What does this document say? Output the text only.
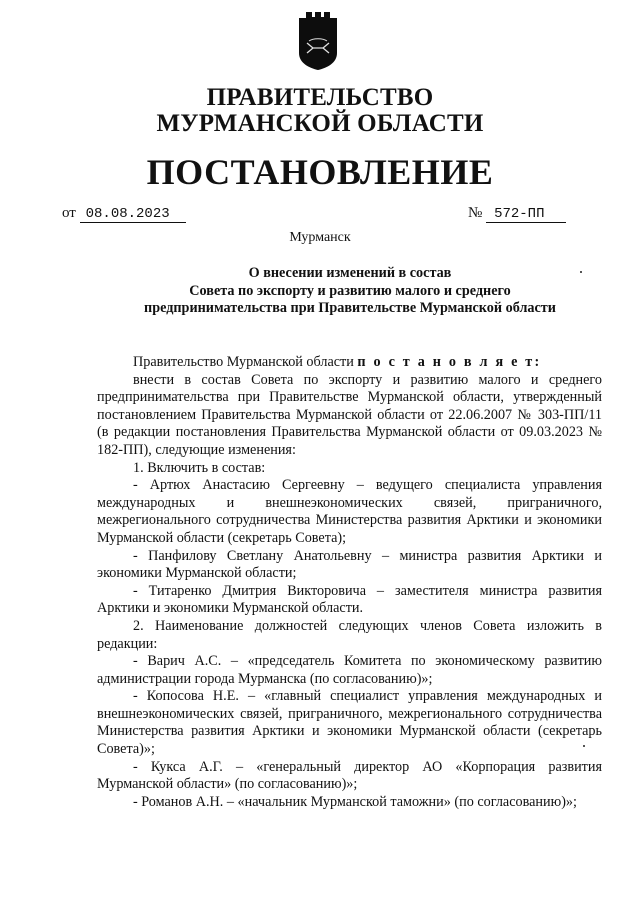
ПРАВИТЕЛЬСТВО
МУРМАНСКОЙ ОБЛАСТИ
ПОСТАНОВЛЕНИЕ
от 08.08.2023	№ 572-ПП
Мурманск
О внесении изменений в состав
Совета по экспорту и развитию малого и среднего
предпринимательства при Правительстве Мурманской области

Правительство Мурманской области п о с т а н о в л я е т:

внести в состав Совета по экспорту и развитию малого и среднего предпринимательства при Правительстве Мурманской области, утвержденный постановлением Правительства Мурманской области от 22.06.2007 № 303-ПП/11 (в редакции постановления Правительства Мурманской области от 09.03.2023 № 182-ПП), следующие изменения:

1. Включить в состав:

- Артюх Анастасию Сергеевну – ведущего специалиста управления международных и внешнеэкономических связей, приграничного, межрегионального сотрудничества Министерства развития Арктики и экономики Мурманской области (секретарь Совета);

- Панфилову Светлану Анатольевну – министра развития Арктики и экономики Мурманской области;

- Титаренко Дмитрия Викторовича – заместителя министра развития Арктики и экономики Мурманской области.

2. Наименование должностей следующих членов Совета изложить в редакции:

- Варич А.С. – «председатель Комитета по экономическому развитию администрации города Мурманска (по согласованию)»;

- Копосова Н.Е. – «главный специалист управления международных и внешнеэкономических связей, приграничного, межрегионального сотрудничества Министерства развития Арктики и экономики Мурманской области (секретарь Совета)»;

- Кукса А.Г. – «генеральный директор АО «Корпорация развития Мурманской области» (по согласованию)»;

- Романов А.Н. – «начальник Мурманской таможни» (по согласованию)»;
